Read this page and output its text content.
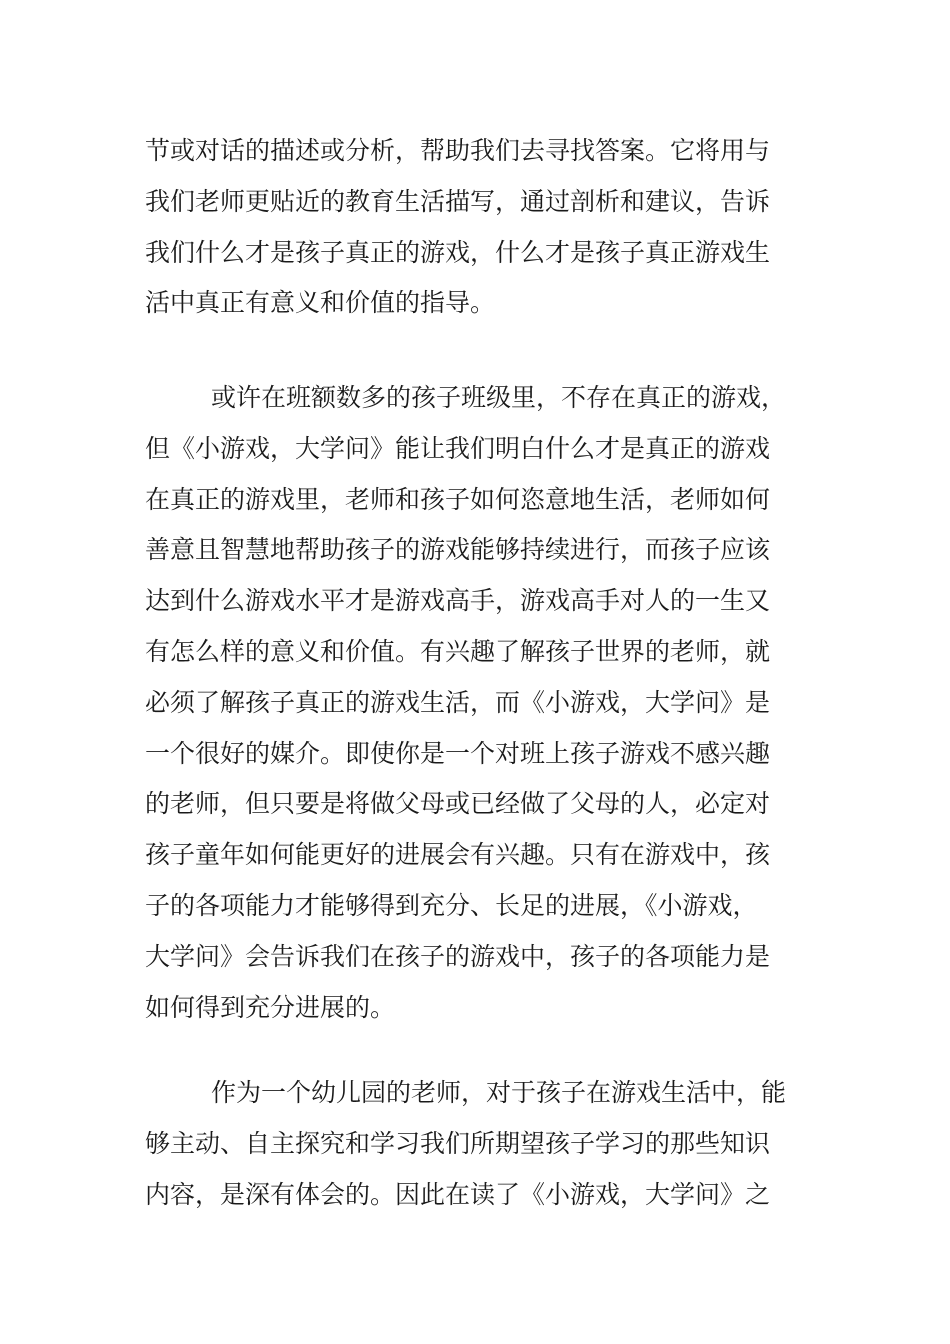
节或对话的描述或分析，帮助我们去寻找答案。它将用与
我们老师更贴近的教育生活描写，通过剖析和建议，告诉
我们什么才是孩子真正的游戏，什么才是孩子真正游戏生
活中真正有意义和价值的指导。
或许在班额数多的孩子班级里，不存在真正的游戏，
但《小游戏，大学问》能让我们明白什么才是真正的游戏
在真正的游戏里，老师和孩子如何恣意地生活，老师如何
善意且智慧地帮助孩子的游戏能够持续进行，而孩子应该
达到什么游戏水平才是游戏高手，游戏高手对人的一生又
有怎么样的意义和价值。有兴趣了解孩子世界的老师，就
必须了解孩子真正的游戏生活，而《小游戏，大学问》是
一个很好的媒介。即使你是一个对班上孩子游戏不感兴趣
的老师，但只要是将做父母或已经做了父母的人，必定对
孩子童年如何能更好的进展会有兴趣。只有在游戏中，孩
子的各项能力才能够得到充分、长足的进展，《小游戏，
大学问》会告诉我们在孩子的游戏中，孩子的各项能力是
如何得到充分进展的。
作为一个幼儿园的老师，对于孩子在游戏生活中，能
够主动、自主探究和学习我们所期望孩子学习的那些知识
内容，是深有体会的。因此在读了《小游戏，大学问》之
